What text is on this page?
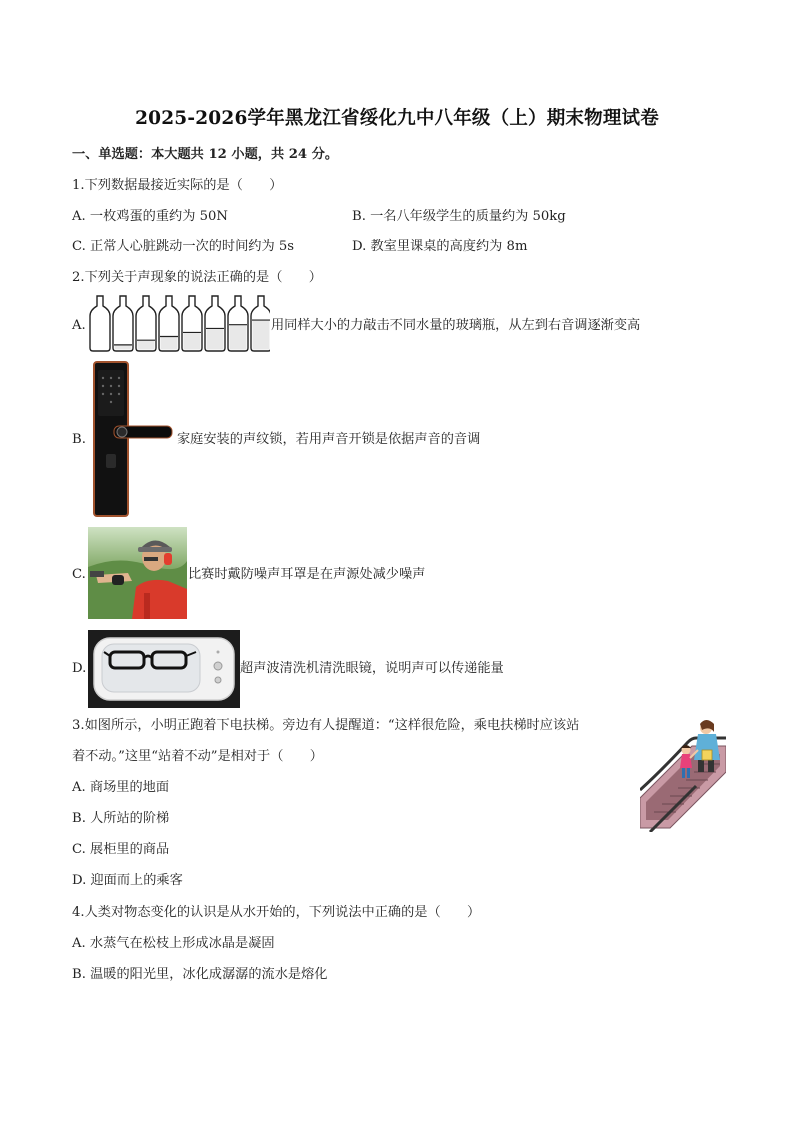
2025-2026学年黑龙江省绥化九中八年级（上）期末物理试卷
一、单选题：本大题共 12 小题，共 24 分。
1.下列数据最接近实际的是（　　）
A. 一枚鸡蛋的重约为 50N	B. 一名八年级学生的质量约为 50kg
C. 正常人心脏跳动一次的时间约为 5s	D. 教室里课桌的高度约为 8m
2.下列关于声现象的说法正确的是（　　）
A.	用同样大小的力敲击不同水量的玻璃瓶，从左到右音调逐渐变高
B.	家庭安装的声纹锁，若用声音开锁是依据声音的音调
C.	比赛时戴防噪声耳罩是在声源处减少噪声
D.	超声波清洗机清洗眼镜，说明声可以传递能量
3.如图所示，小明正跑着下电扶梯。旁边有人提醒道：“这样很危险，乘电扶梯时应该站
着不动。”这里“站着不动”是相对于（　　）
A. 商场里的地面
B. 人所站的阶梯
C. 展柜里的商品
D. 迎面而上的乘客
4.人类对物态变化的认识是从水开始的，下列说法中正确的是（　　）
A. 水蒸气在松枝上形成冰晶是凝固
B. 温暖的阳光里，冰化成潺潺的流水是熔化
